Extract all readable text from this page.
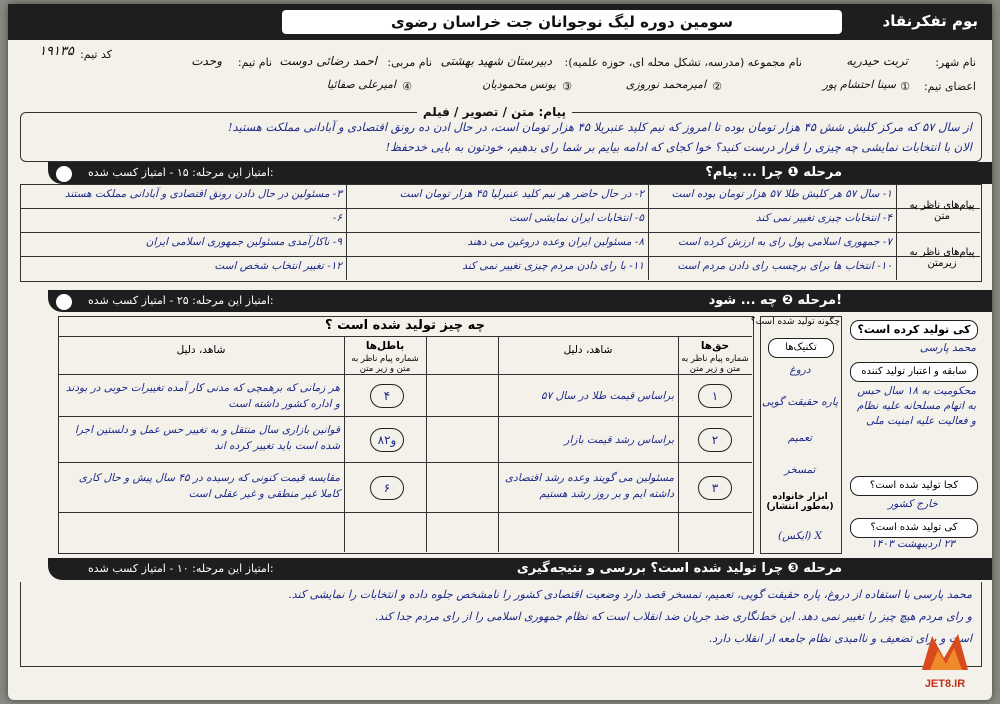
بوم تفکرنقاد
سومین دوره لیگ نوجوانان جت خراسان رضوی
نام شهر:
تربت حیدریه
نام مجموعه (مدرسه، تشکل محله ای، حوزه علمیه):
دبیرستان شهید بهشتی
نام مربی:
احمد رضائی دوست
نام تیم:
وحدت
کد تیم:
۱۹۱۳۵
اعضای تیم:
①
سینا احتشام پور
②
امیرمحمد نوروزی
③
یونس محمودیان
④
امیرعلی صفائیا
پیام: متن / تصویر / فیلم
از سال ۵۷ که مرکز کلیش شش ۴۵ هزار تومان بوده تا امروز که نیم کلید عنبریلا ۴۵ هزار تومان است، در حال ادن ده رونق اقتصادی و آبادانی مملکت هستید!
الان با انتخابات نمایشی چه چیزی را قرار درست کنید؟ خوا کجای که ادامه بیایم بر شما رای بدهیم، خودتون به بایی خدحفظ!
مرحله ❶ چرا ... پیام؟
امتیاز این مرحله: ۱۵ - امتیاز کسب شده:
پیام‌های ناظر به متن
پیام‌های ناظر به زیرمتن
۱- سال ۵۷ هر کلیش طلا ۵۷ هزار تومان بوده است
۲- در حال حاضر هر نیم کلید عنبرلیا ۴۵ هزار تومان است
۳- مسئولین در حال دادن رونق اقتصادی و آبادانی مملکت هستند
۴- انتخابات چیزی تغییر نمی کند
۵- انتخابات ایران نمایشی است
۶-
۷- جمهوری اسلامی پول رای به ارزش کرده است
۸- مسئولین ایران وعده دروغین می دهند
۹- ناکارآمدی مسئولین جمهوری اسلامی ایران
۱۰- انتخاب ها برای برچسب رای دادن مردم است
۱۱- با رای دادن مردم چیزی تغییر نمی کند
۱۲- تغییر انتخاب شخص است
مرحله ❷ چه ... شود!
امتیاز این مرحله: ۲۵ - امتیاز کسب شده:
چه چیز تولید شده است ؟
حق‌ها
شماره پیام ناظر به متن و زیر متن
شاهد، دلیل
باطل‌ها
شماره پیام ناظر به متن و زیر متن
شاهد، دلیل
۱
براساس قیمت طلا در سال ۵۷
۴
هر زمانی که برهمچی که مدنی کار آمده تغییرات حوبی در بودند و اداره کشور داشته است
۲
براساس رشد قیمت بازار
۸و۲
قوانین بازاری سال منتقل و به تغییر حس عمل و دلستین اجرا شده است باید تغییر کرده اند
۳
مسئولین می گویند وعده رشد اقتصادی داشته ایم و بر روز رشد هستیم
۶
مقایسه قیمت کنونی که رسیده در ۴۵ سال پیش و حال کاری کاملا غیر منطقی و غیر عقلی است
چگونه تولید شده است؟
تکنیک‌ها
دروغ
پاره حقیقت گویی
تعمیم
تمسخر
ابزار خانواده (به‌طور انتشار)
X (ایکس)
کی تولید کرده است؟
محمد پارسی
سابقه و اعتبار تولید کننده
محکومیت به ۱۸ سال حبس به اتهام مسلحانه علیه نظام و فعالیت علیه امنیت ملی
کجا تولید شده است؟
خارج کشور
کی تولید شده است؟
۲۳ اردیبهشت ۱۴۰۳
مرحله ❸ چرا تولید شده است؟ بررسی و نتیجه‌گیری
امتیاز این مرحله: ۱۰ - امتیاز کسب شده:
محمد پارسی با استفاده از دروغ، پاره حقیقت گویی، تعمیم، تمسخر قصد دارد وضعیت اقتصادی کشور را نامشخص جلوه داده و انتخابات را نمایشی کند.
و رای مردم هیچ چیز را تغییر نمی دهد. این خط‌نگاری ضد جریان ضد انقلاب است که نظام جمهوری اسلامی را از رای مردم جدا کند.
است و برای تضعیف و ناامیدی نظام جامعه از انقلاب دارد.
JET8.IR
